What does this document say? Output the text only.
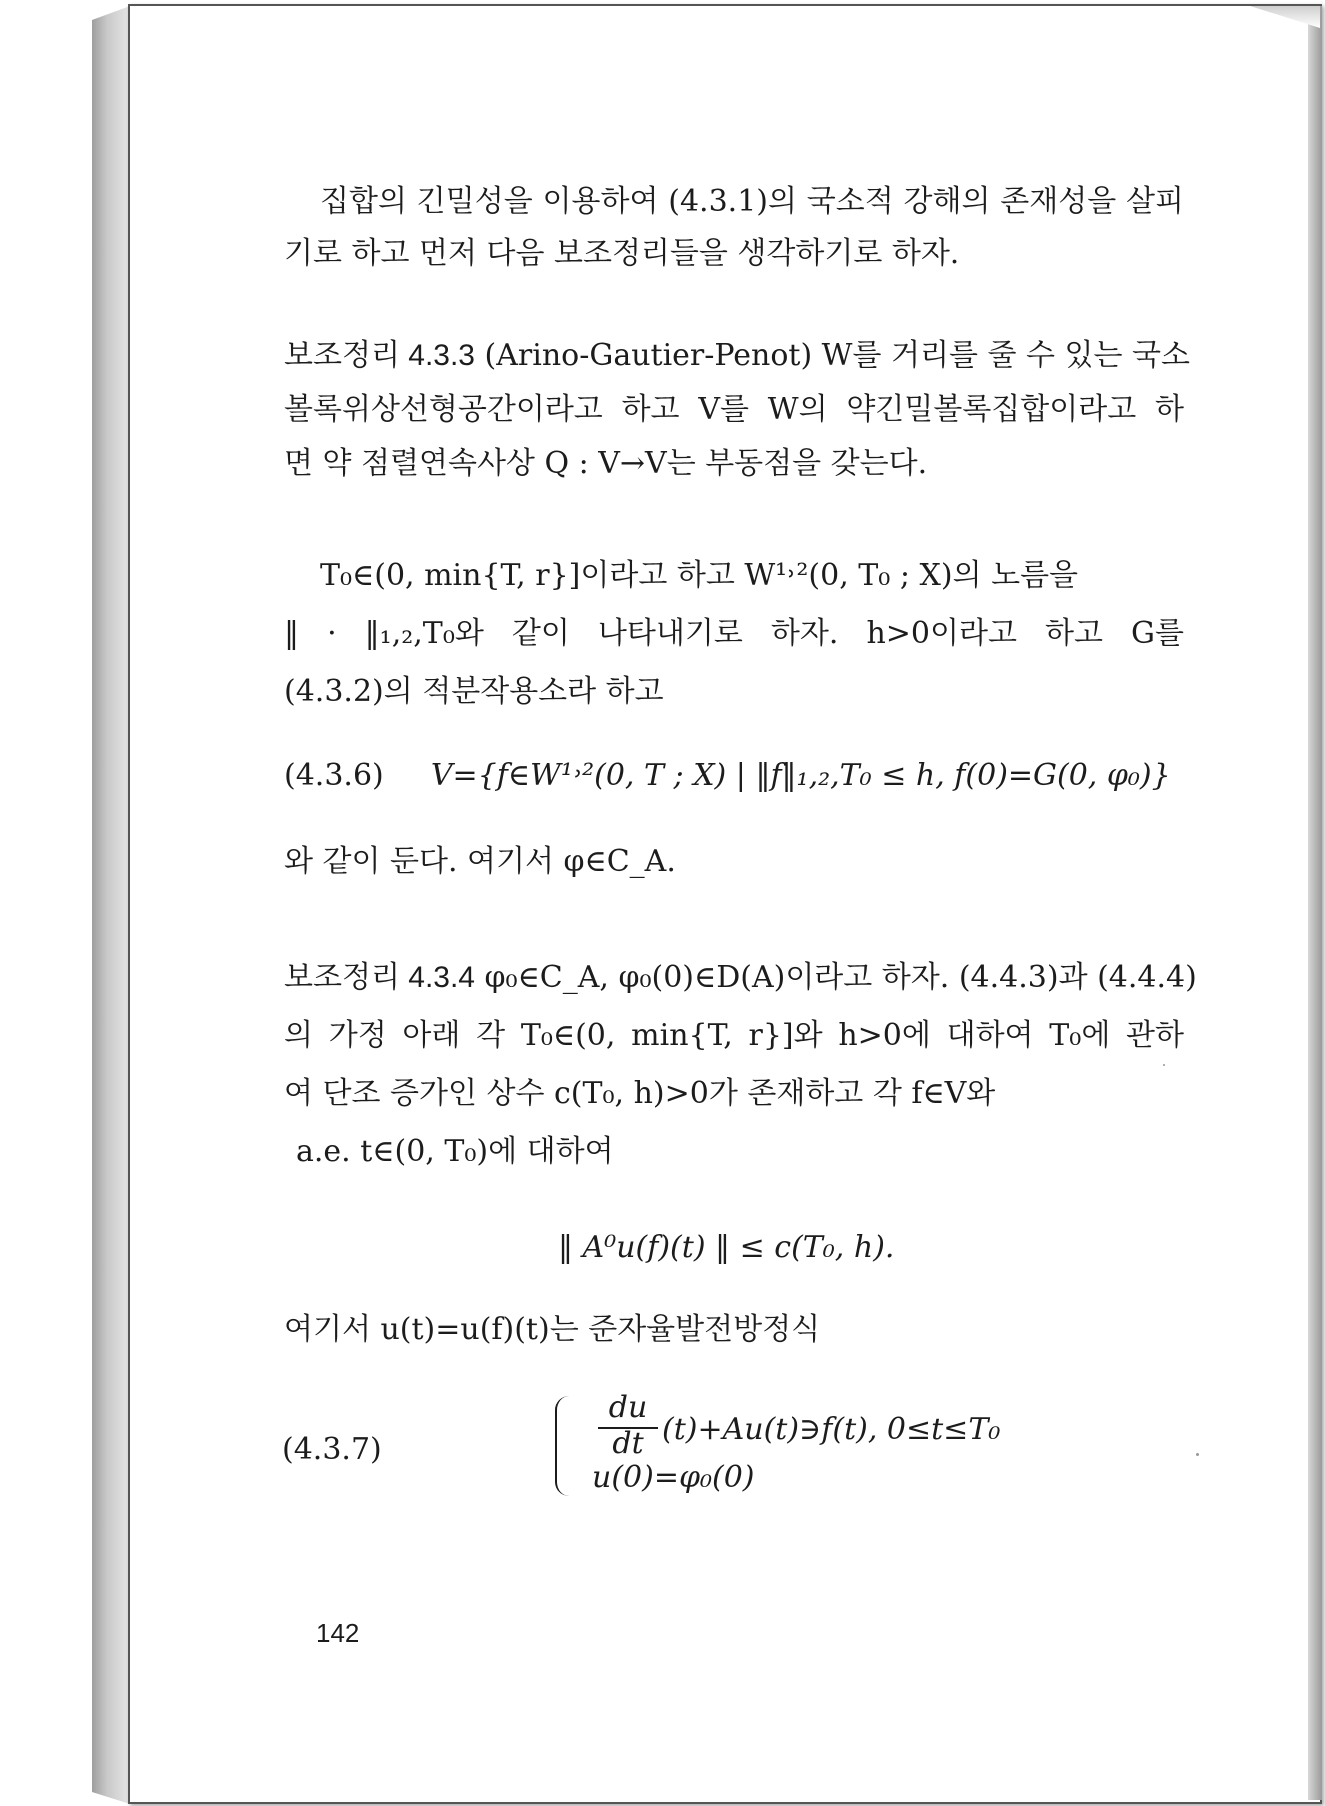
집합의 긴밀성을 이용하여 (4.3.1)의 국소적 강해의 존재성을 살피
기로 하고 먼저 다음 보조정리들을 생각하기로 하자.
보조정리 4.3.3 (Arino-Gautier-Penot) W를 거리를 줄 수 있는 국소
볼록위상선형공간이라고 하고 V를 W의 약긴밀볼록집합이라고 하
면 약 점렬연속사상 Q : V→V는 부동점을 갖는다.
T₀∈(0, min{T, r}]이라고 하고 W¹˒²(0, T₀ ; X)의 노름을
‖ · ‖₁,₂,T₀와 같이 나타내기로 하자. h>0이라고 하고 G를
(4.3.2)의 적분작용소라 하고
(4.3.6) V={f∈W¹˒²(0, T ; X) | ‖f‖₁,₂,T₀ ≤ h, f(0)=G(0, φ₀)}
와 같이 둔다. 여기서 φ∈C_A.
보조정리 4.3.4 φ₀∈C_A, φ₀(0)∈D(A)이라고 하자. (4.4.3)과 (4.4.4)
의 가정 아래 각 T₀∈(0, min{T, r}]와 h>0에 대하여 T₀에 관하
여 단조 증가인 상수 c(T₀, h)>0가 존재하고 각 f∈V와
a.e. t∈(0, T₀)에 대하여
‖ A⁰u(f)(t) ‖ ≤ c(T₀, h).
여기서 u(t)=u(f)(t)는 준자율발전방정식
(4.3.7)
du
dt (t)+Au(t)∋f(t), 0≤t≤T₀
u(0)=φ₀(0)
142
